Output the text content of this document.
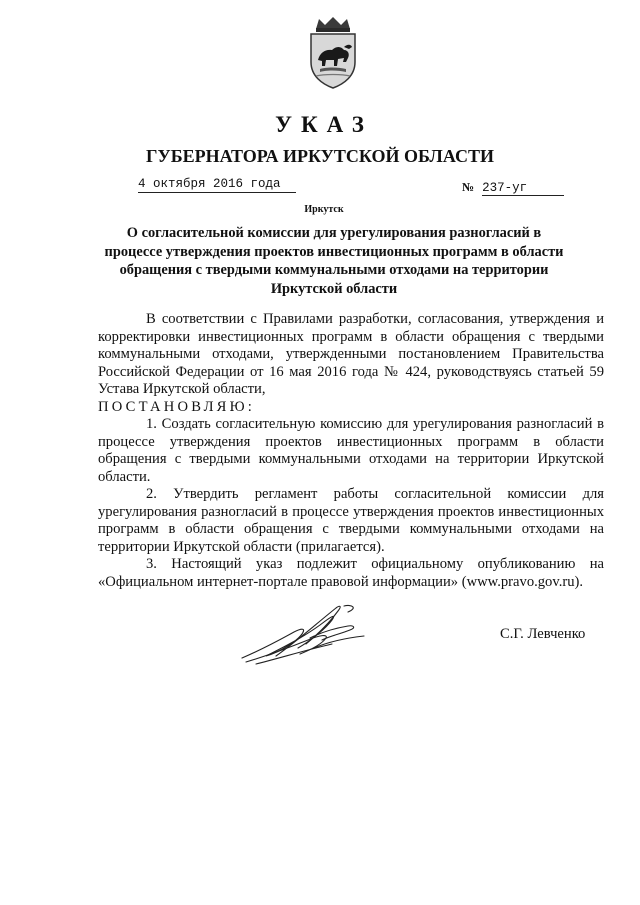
УКАЗ
ГУБЕРНАТОРА ИРКУТСКОЙ ОБЛАСТИ
4 октября 2016 года	№ 237-уг
Иркутск

О согласительной комиссии для урегулирования разногласий в процессе утверждения проектов инвестиционных программ в области обращения с твердыми коммунальными отходами на территории Иркутской области

В соответствии с Правилами разработки, согласования, утверждения и корректировки инвестиционных программ в области обращения с твердыми коммунальными отходами, утвержденными постановлением Правительства Российской Федерации от 16 мая 2016 года № 424, руководствуясь статьей 59 Устава Иркутской области,

ПОСТАНОВЛЯЮ:

1. Создать согласительную комиссию для урегулирования разногласий в процессе утверждения проектов инвестиционных программ в области обращения с твердыми коммунальными отходами на территории Иркутской области.

2. Утвердить регламент работы согласительной комиссии для урегулирования разногласий в процессе утверждения проектов инвестиционных программ в области обращения с твердыми коммунальными отходами на территории Иркутской области (прилагается).

3. Настоящий указ подлежит официальному опубликованию на «Официальном интернет-портале правовой информации» (www.pravo.gov.ru).

С.Г. Левченко
